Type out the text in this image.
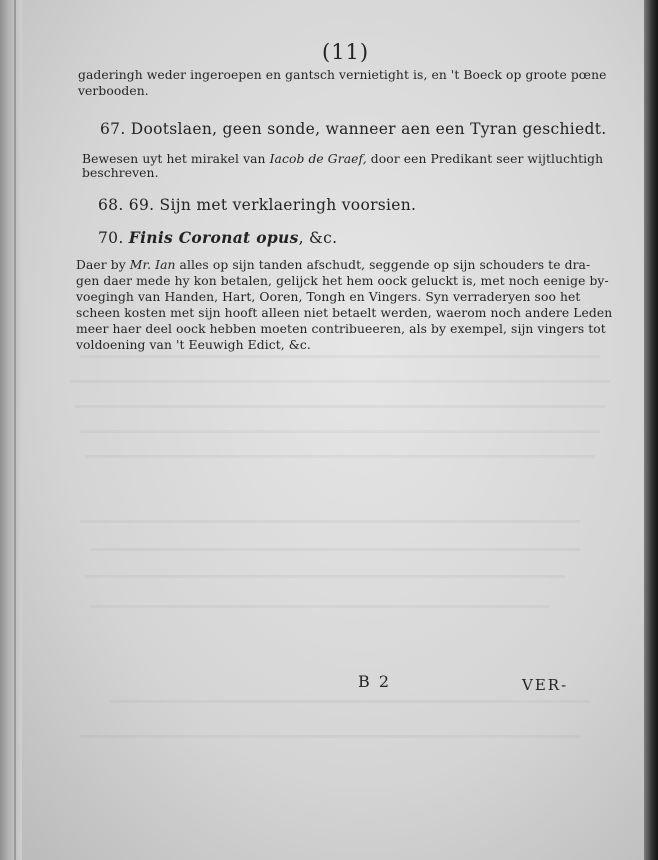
(11)
gaderingh weder ingeroepen en gantsch vernietight is, en 't Boeck op groote pœne
verbooden.
67. Dootslaen, geen sonde, wanneer aen een Tyran geschiedt.
Bewesen uyt het mirakel van Iacob de Graef, door een Predikant seer wijtluchtigh
beschreven.
68. 69. Sijn met verklaeringh voorsien.
70. Finis Coronat opus, &c.
Daer by Mr. Ian alles op sijn tanden afschudt, seggende op sijn schouders te dra-
gen daer mede hy kon betalen, gelijck het hem oock geluckt is, met noch eenige by-
voegingh van Handen, Hart, Ooren, Tongh en Vingers. Syn verraderyen soo het
scheen kosten met sijn hooft alleen niet betaelt werden, waerom noch andere Leden
meer haer deel oock hebben moeten contribueeren, als by exempel, sijn vingers tot
voldoening van 't Eeuwigh Edict, &c.
B 2	VER-
